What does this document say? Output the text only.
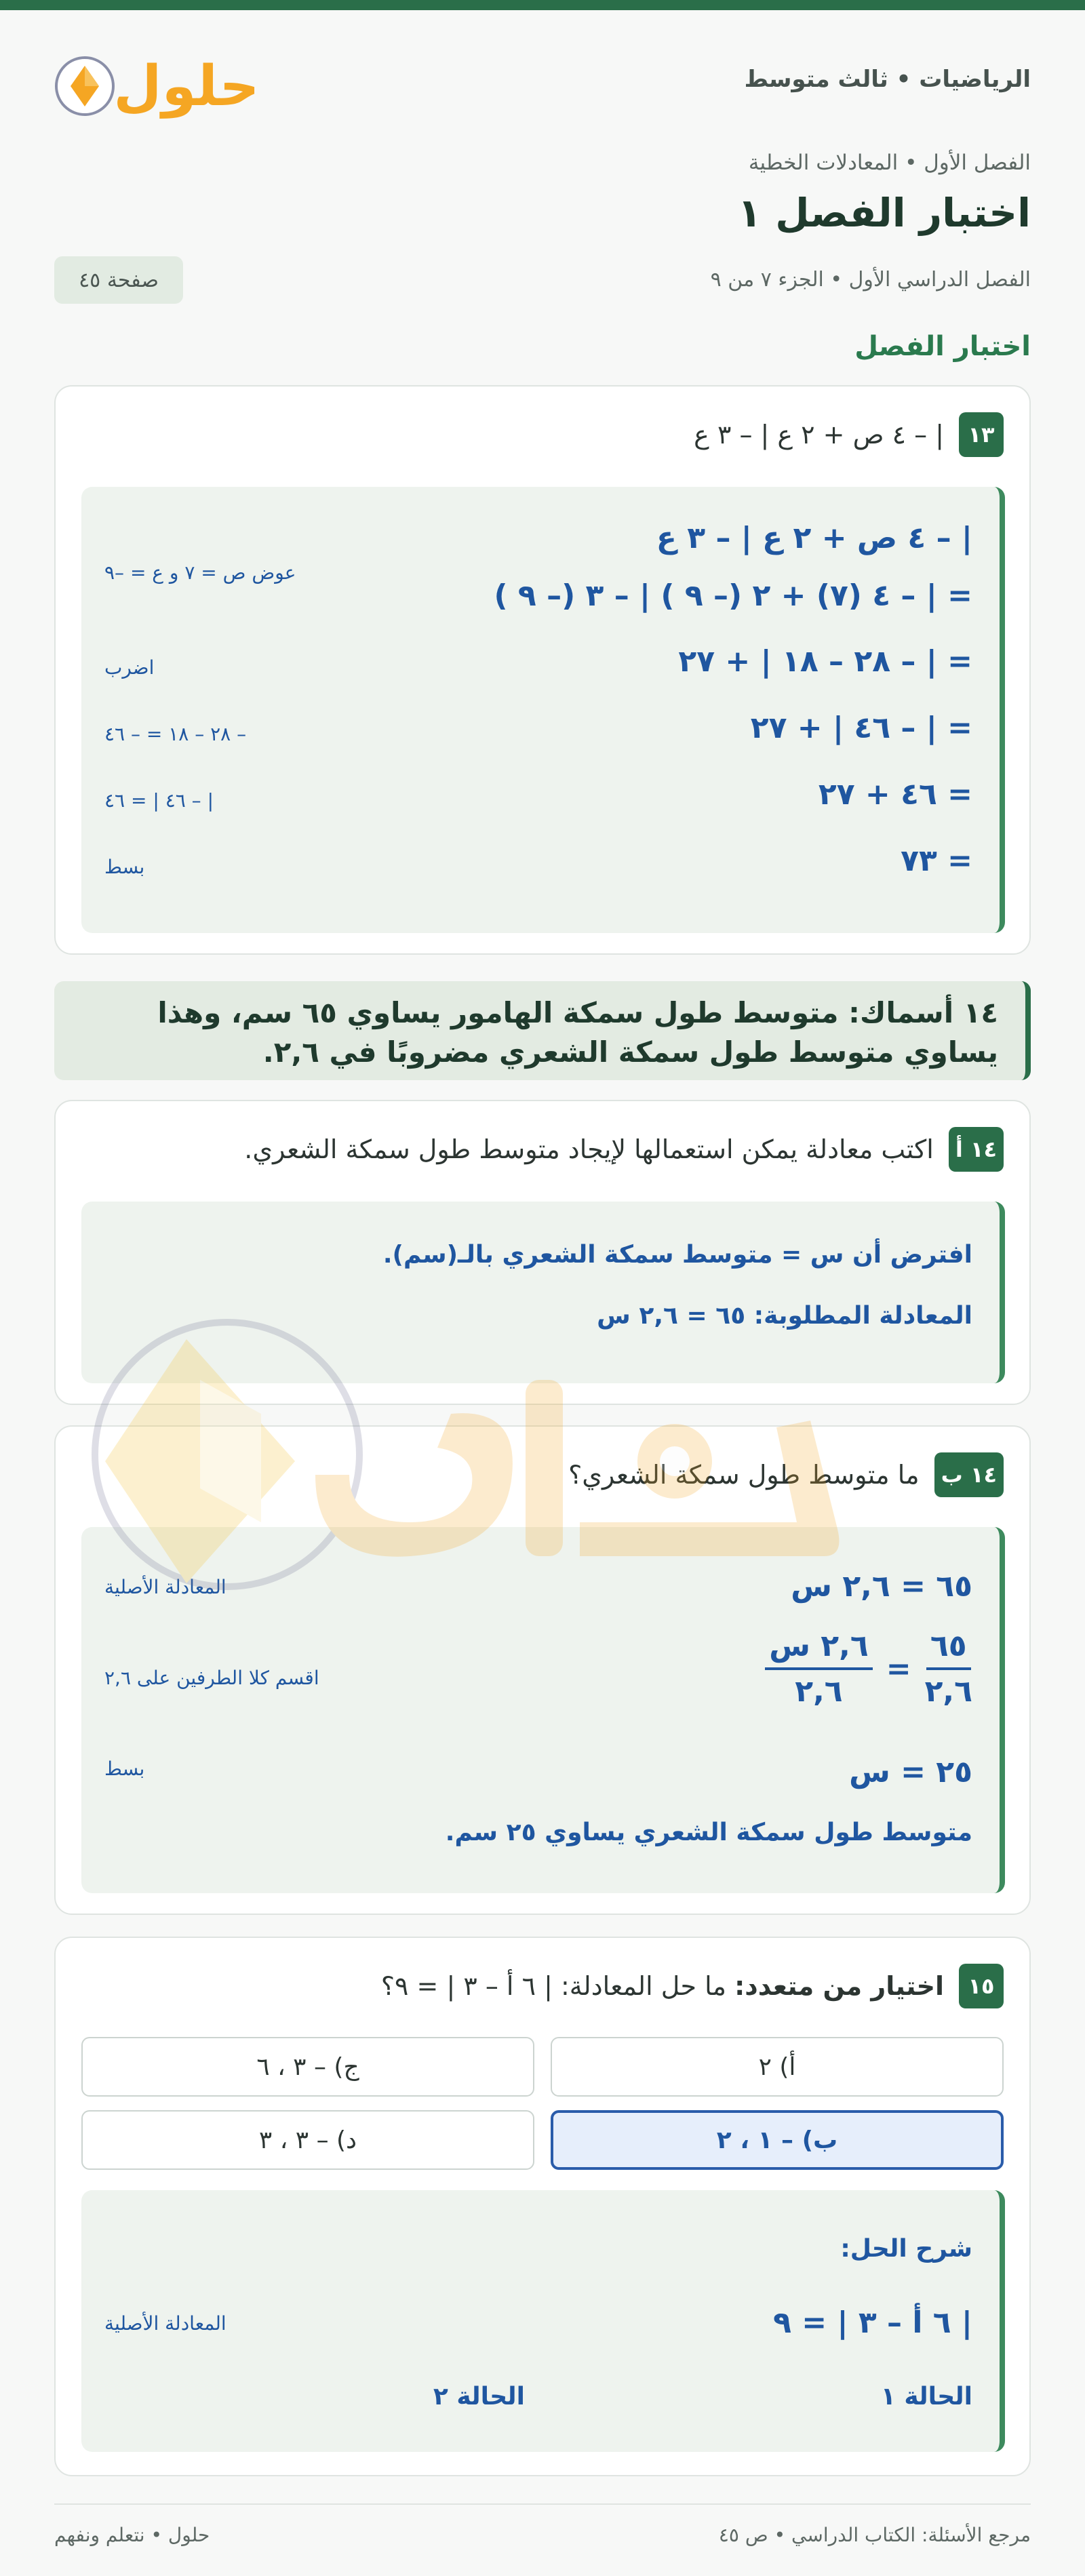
الرياضيات • ثالث متوسط
حلول
الفصل الأول • المعادلات الخطية
اختبار الفصل ١
الفصل الدراسي الأول • الجزء ٧ من ٩
صفحة ٤٥
اختبار الفصل
١٣
| – ٤ ص + ٢ ع | – ٣ ع
| – ٤ ص + ٢ ع | – ٣ ع
= | – ٤ (٧) + ٢ (– ٩ ) | – ٣ (– ٩ )
عوض ص = ٧ و ع = –٩
= | – ٢٨ – ١٨ | + ٢٧
اضرب
= | – ٤٦ | + ٢٧
– ٢٨ – ١٨ = – ٤٦
= ٤٦ + ٢٧
| – ٤٦ | = ٤٦
= ٧٣
بسط
١٤ أسماك: متوسط طول سمكة الهامور يساوي ٦٥ سم، وهذا يساوي متوسط طول سمكة الشعري مضروبًا في ٢,٦.
١٤ أ
اكتب معادلة يمكن استعمالها لإيجاد متوسط طول سمكة الشعري.
افترض أن س = متوسط سمكة الشعري بالـ(سم).
المعادلة المطلوبة: ٦٥ = ٢,٦ س
١٤ ب
ما متوسط طول سمكة الشعري؟
٦٥ = ٢,٦ س
المعادلة الأصلية
$\frac{٦٥}{٢,٦}$
=
$\frac{\text{٢,٦ س}}{٢,٦}$
اقسم كلا الطرفين على ٢,٦
٢٥ = س
بسط
متوسط طول سمكة الشعري يساوي ٢٥ سم.
١٥
اختيار من متعدد: ما حل المعادلة: | ٦ أ – ٣ | = ٩؟
أ) ٢
ج) – ٣ ، ٦
ب) – ١ ، ٢
د) – ٣ ، ٣
شرح الحل:
| ٦ أ – ٣ | = ٩
المعادلة الأصلية
الحالة ١
الحالة ٢
مرجع الأسئلة: الكتاب الدراسي • ص ٤٥
حلول • نتعلم ونفهم
